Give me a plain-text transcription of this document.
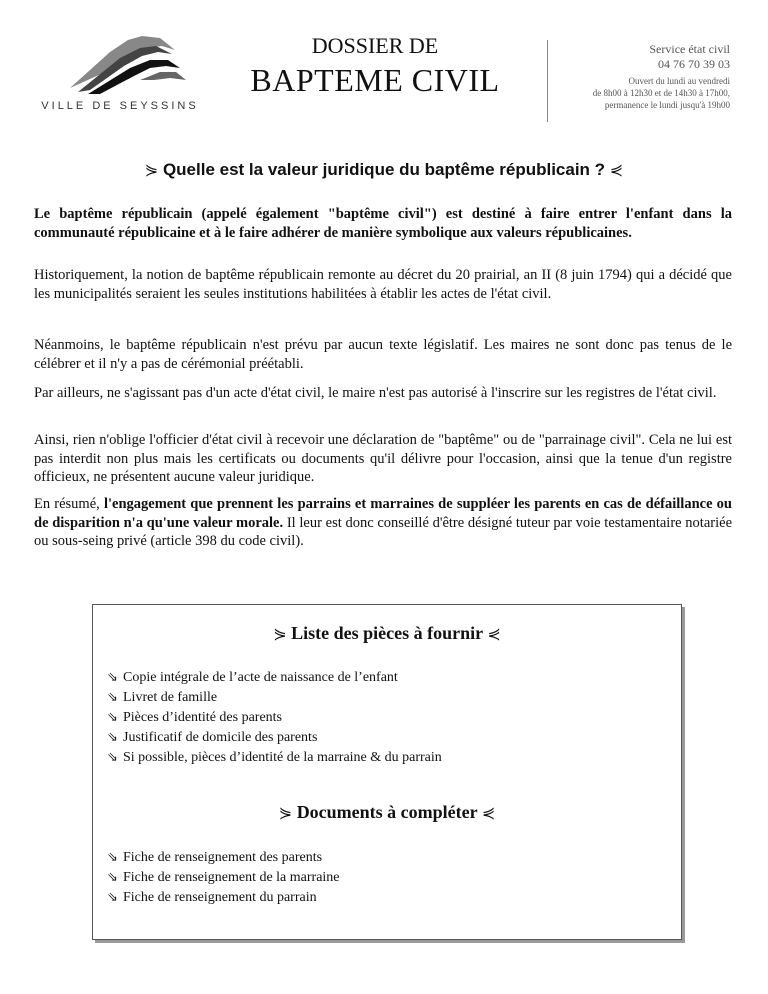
VILLE DE SEYSSINS
DOSSIER DE
BAPTEME CIVIL
Service état civil
04 76 70 39 03
Ouvert du lundi au vendredi
de 8h00 à 12h30 et de 14h30 à 17h00,
permanence le lundi jusqu'à 19h00
⋟ Quelle est la valeur juridique du baptême républicain ? ⋞
Le baptême républicain (appelé également "baptême civil") est destiné à faire entrer l'enfant dans la communauté républicaine et à le faire adhérer de manière symbolique aux valeurs républicaines.
Historiquement, la notion de baptême républicain remonte au décret du 20 prairial, an II (8 juin 1794) qui a décidé que les municipalités seraient les seules institutions habilitées à établir les actes de l'état civil.
Néanmoins, le baptême républicain n'est prévu par aucun texte législatif. Les maires ne sont donc pas tenus de le célébrer et il n'y a pas de cérémonial préétabli.
Par ailleurs, ne s'agissant pas d'un acte d'état civil, le maire n'est pas autorisé à l'inscrire sur les registres de l'état civil.
Ainsi, rien n'oblige l'officier d'état civil à recevoir une déclaration de "baptême" ou de "parrainage civil". Cela ne lui est pas interdit non plus mais les certificats ou documents qu'il délivre pour l'occasion, ainsi que la tenue d'un registre officieux, ne présentent aucune valeur juridique.
En résumé, l'engagement que prennent les parrains et marraines de suppléer les parents en cas de défaillance ou de disparition n'a qu'une valeur morale. Il leur est donc conseillé d'être désigné tuteur par voie testamentaire notariée ou sous-seing privé (article 398 du code civil).
⋟ Liste des pièces à fournir ⋞
⇘ Copie intégrale de l’acte de naissance de l’enfant
⇘ Livret de famille
⇘ Pièces d’identité des parents
⇘ Justificatif de domicile des parents
⇘ Si possible, pièces d’identité de la marraine & du parrain
⋟ Documents à compléter ⋞
⇘ Fiche de renseignement des parents
⇘ Fiche de renseignement de la marraine
⇘ Fiche de renseignement du parrain
